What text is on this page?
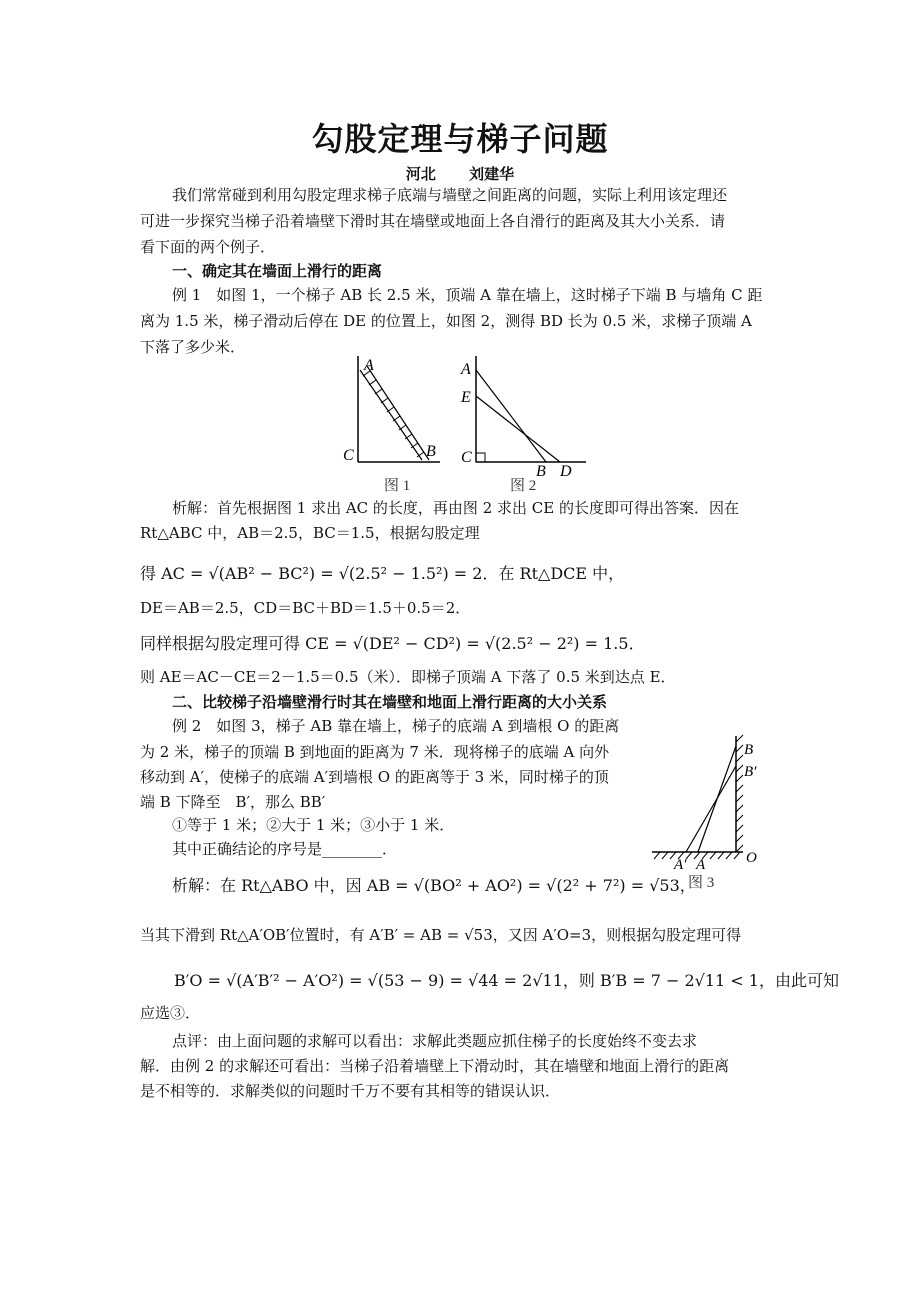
勾股定理与梯子问题
河北 刘建华
我们常常碰到利用勾股定理求梯子底端与墙壁之间距离的问题，实际上利用该定理还
可进一步探究当梯子沿着墙壁下滑时其在墙壁或地面上各自滑行的距离及其大小关系．请
看下面的两个例子．
一、确定其在墙面上滑行的距离
例 1　如图 1，一个梯子 AB 长 2.5 米，顶端 A 靠在墙上，这时梯子下端 B 与墙角 C 距
离为 1.5 米，梯子滑动后停在 DE 的位置上，如图 2，测得 BD 长为 0.5 米，求梯子顶端 A
下落了多少米．
A
C	B
图 1
A
E
C
B D
图 2
析解：首先根据图 1 求出 AC 的长度，再由图 2 求出 CE 的长度即可得出答案．因在
Rt△ABC 中，AB＝2.5，BC＝1.5，根据勾股定理
得 AC = √(AB² − BC²) = √(2.5² − 1.5²) = 2．在 Rt△DCE 中，
DE＝AB＝2.5，CD＝BC＋BD＝1.5＋0.5＝2．
同样根据勾股定理可得 CE = √(DE² − CD²) = √(2.5² − 2²) = 1.5．
则 AE＝AC－CE＝2－1.5＝0.5（米）．即梯子顶端 A 下落了 0.5 米到达点 E．
二、比较梯子沿墙壁滑行时其在墙壁和地面上滑行距离的大小关系
例 2　如图 3，梯子 AB 靠在墙上，梯子的底端 A 到墙根 O 的距离
为 2 米，梯子的顶端 B 到地面的距离为 7 米．现将梯子的底端 A 向外
移动到 A′，使梯子的底端 A′到墙根 O 的距离等于 3 米，同时梯子的顶
端 B 下降至　B′，那么 BB′
①等于 1 米；②大于 1 米；③小于 1 米．
其中正确结论的序号是________．
B
B′
A′ A	O
图 3
析解：在 Rt△ABO 中，因 AB = √(BO² + AO²) = √(2² + 7²) = √53，
当其下滑到 Rt△A′OB′位置时，有 A′B′ = AB = √53，又因 A′O=3，则根据勾股定理可得
B′O = √(A′B′² − A′O²) = √(53 − 9) = √44 = 2√11，则 B′B = 7 − 2√11 < 1，由此可知
应选③．
点评：由上面问题的求解可以看出：求解此类题应抓住梯子的长度始终不变去求
解．由例 2 的求解还可看出：当梯子沿着墙壁上下滑动时，其在墙壁和地面上滑行的距离
是不相等的．求解类似的问题时千万不要有其相等的错误认识．
